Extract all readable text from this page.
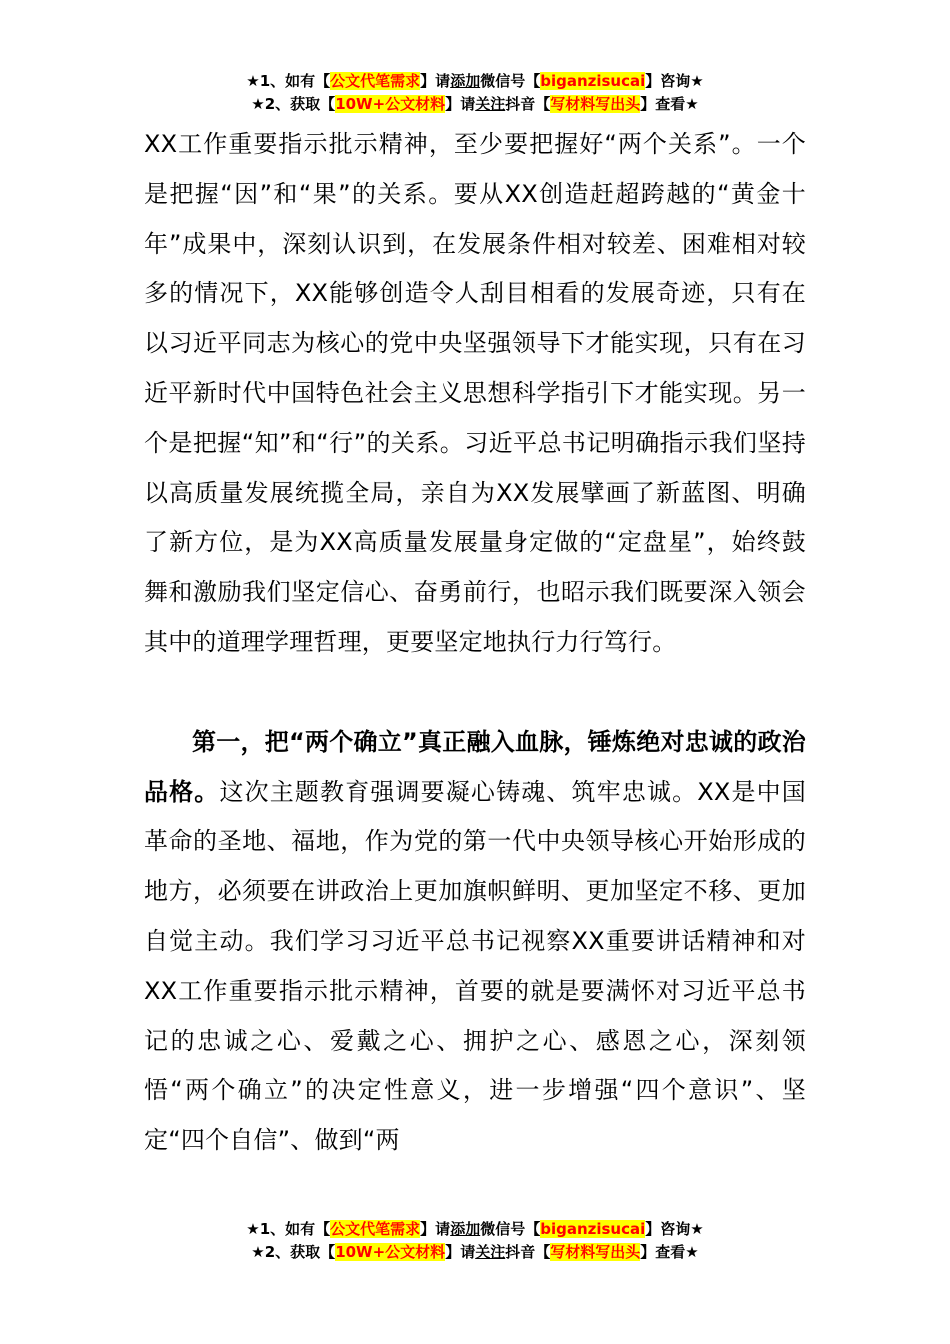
★1、如有【公文代笔需求】请添加微信号【biganzisucai】咨询★
★2、获取【10W+公文材料】请关注抖音【写材料写出头】查看★

XX工作重要指示批示精神，至少要把握好“两个关系”。一个是把握“因”和“果”的关系。要从XX创造赶超跨越的“黄金十年”成果中，深刻认识到，在发展条件相对较差、困难相对较多的情况下，XX能够创造令人刮目相看的发展奇迹，只有在以习近平同志为核心的党中央坚强领导下才能实现，只有在习近平新时代中国特色社会主义思想科学指引下才能实现。另一个是把握“知”和“行”的关系。习近平总书记明确指示我们坚持以高质量发展统揽全局，亲自为XX发展擘画了新蓝图、明确了新方位，是为XX高质量发展量身定做的“定盘星”，始终鼓舞和激励我们坚定信心、奋勇前行，也昭示我们既要深入领会其中的道理学理哲理，更要坚定地执行力行笃行。

第一，把“两个确立”真正融入血脉，锤炼绝对忠诚的政治品格。这次主题教育强调要凝心铸魂、筑牢忠诚。XX是中国革命的圣地、福地，作为党的第一代中央领导核心开始形成的地方，必须要在讲政治上更加旗帜鲜明、更加坚定不移、更加自觉主动。我们学习习近平总书记视察XX重要讲话精神和对XX工作重要指示批示精神，首要的就是要满怀对习近平总书记的忠诚之心、爱戴之心、拥护之心、感恩之心，深刻领悟“两个确立”的决定性意义，进一步增强“四个意识”、坚定“四个自信”、做到“两

★1、如有【公文代笔需求】请添加微信号【biganzisucai】咨询★
★2、获取【10W+公文材料】请关注抖音【写材料写出头】查看★
